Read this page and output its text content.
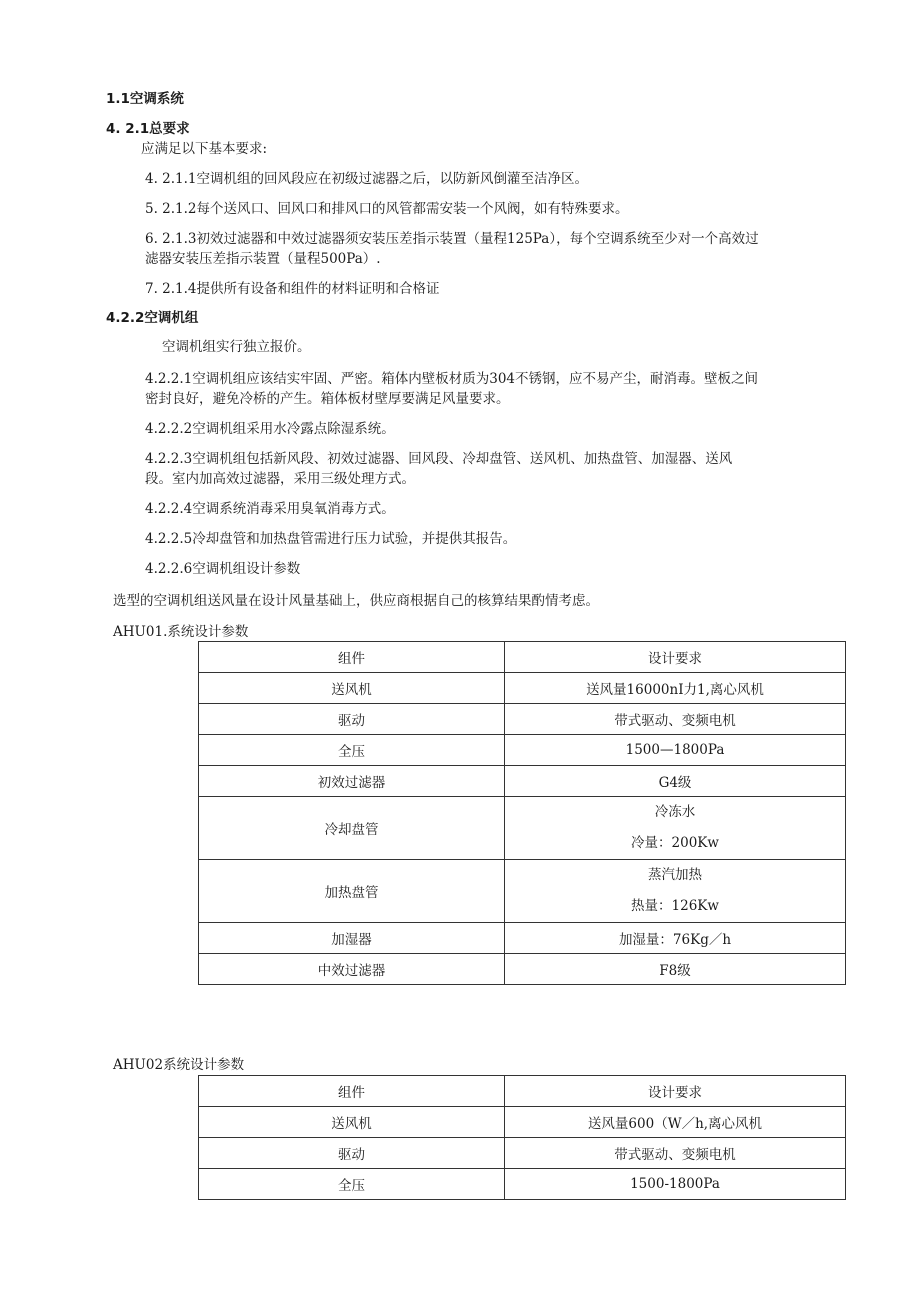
1.1空调系统
4. 2.1总要求
应满足以下基本要求:
4. 2.1.1空调机组的回风段应在初级过滤器之后，以防新风倒灌至洁净区。
5. 2.1.2每个送风口、回风口和排风口的风管都需安装一个风阀，如有特殊要求。
6. 2.1.3初效过滤器和中效过滤器须安装压差指示装置（量程125Pa），每个空调系统至少对一个高效过
滤器安装压差指示装置（量程500Pa）.
7. 2.1.4提供所有设备和组件的材料证明和合格证
4.2.2空调机组
空调机组实行独立报价。
4.2.2.1空调机组应该结实牢固、严密。箱体内壁板材质为304不锈钢，应不易产尘，耐消毒。壁板之间
密封良好，避免冷桥的产生。箱体板材壁厚要满足风量要求。
4.2.2.2空调机组采用水冷露点除湿系统。
4.2.2.3空调机组包括新风段、初效过滤器、回风段、冷却盘管、送风机、加热盘管、加湿器、送风
段。室内加高效过滤器，采用三级处理方式。
4.2.2.4空调系统消毒采用臭氧消毒方式。
4.2.2.5冷却盘管和加热盘管需进行压力试验，并提供其报告。
4.2.2.6空调机组设计参数
选型的空调机组送风量在设计风量基础上，供应商根据自己的核算结果酌情考虑。
AHU01.系统设计参数
组件	设计要求
送风机	送风量16000nI力1,离心风机
驱动	带式驱动、变频电机
全压	1500—1800Pa
初效过滤器	G4级
冷却盘管	冷冻水
冷量：200Kw

加热盘管	蒸汽加热
热量：126Kw

加湿器	加湿量：76Kg／h
中效过滤器	F8级
AHU02系统设计参数
组件	设计要求
送风机	送风量600（W／h,离心风机
驱动	带式驱动、变频电机
全压	1500-1800Pa
